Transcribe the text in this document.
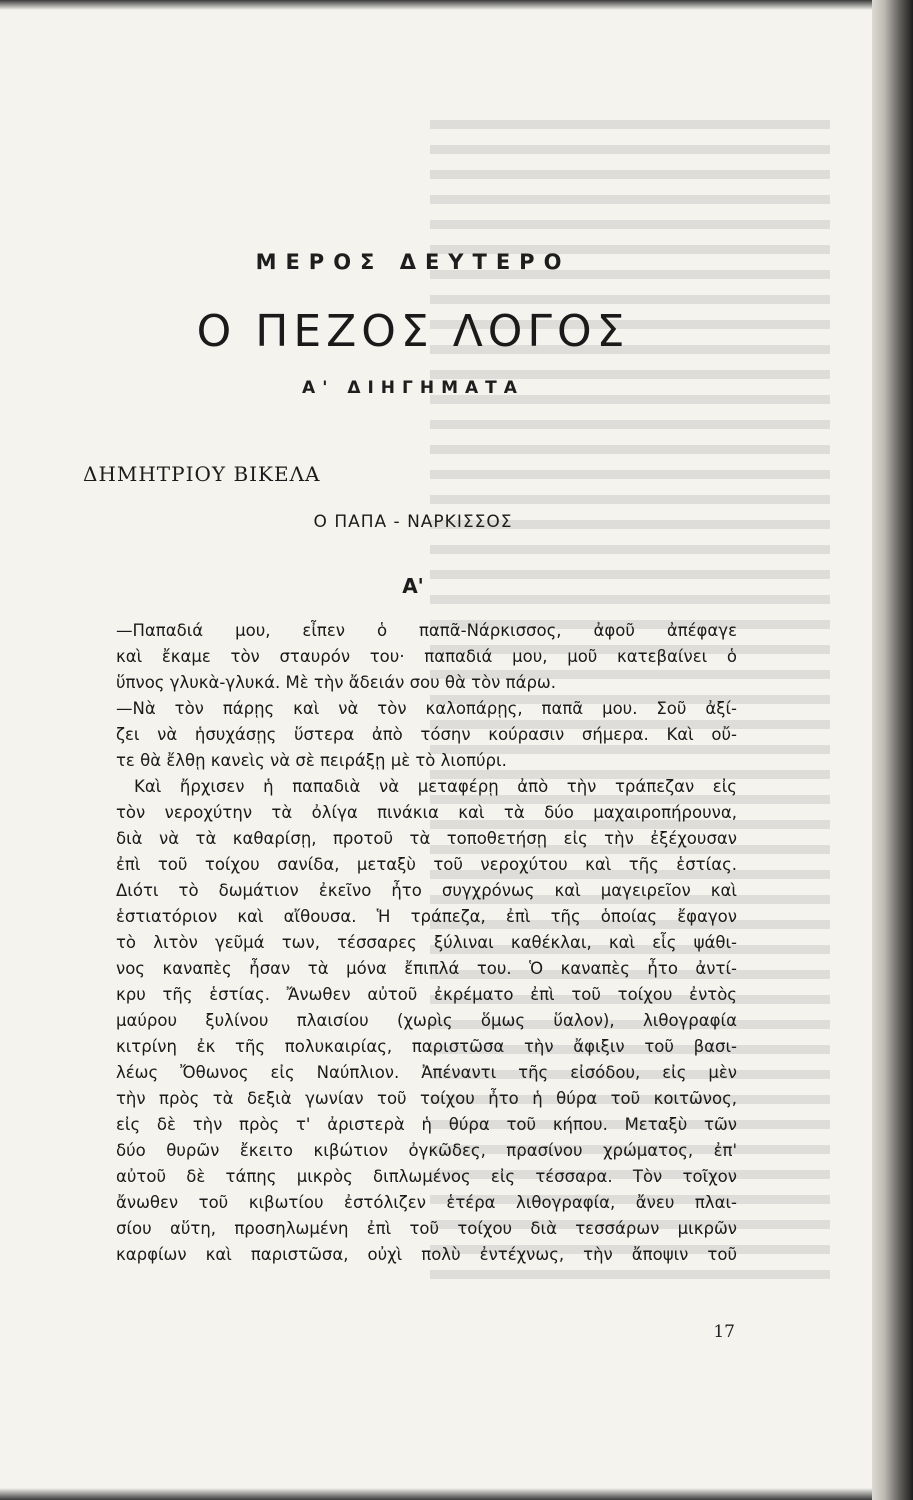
ΜΕΡΟΣ ΔΕΥΤΕΡΟ
Ο ΠΕΖΟΣ ΛΟΓΟΣ
Α' ΔΙΗΓΗΜΑΤΑ
ΔΗΜΗΤΡΙΟΥ ΒΙΚΕΛΑ
Ο ΠΑΠΑ - ΝΑΡΚΙΣΣΟΣ
Α'
—Παπαδιά μου, εἶπεν ὁ παπᾶ-Νάρκισσος, ἀφοῦ ἀπέφαγε
καὶ ἔκαμε τὸν σταυρόν του· παπαδιά μου, μοῦ κατεβαίνει ὁ
ὕπνος γλυκὰ-γλυκά. Μὲ τὴν ἄδειάν σου θὰ τὸν πάρω.
—Νὰ τὸν πάρῃς καὶ νὰ τὸν καλοπάρῃς, παπᾶ μου. Σοῦ ἀξί-
ζει νὰ ἡσυχάσῃς ὕστερα ἀπὸ τόσην κούρασιν σήμερα. Καὶ οὔ-
τε θὰ ἔλθῃ κανεὶς νὰ σὲ πειράξῃ μὲ τὸ λιοπύρι.
Καὶ ἤρχισεν ἡ παπαδιὰ νὰ μεταφέρῃ ἀπὸ τὴν τράπεζαν εἰς
τὸν νεροχύτην τὰ ὀλίγα πινάκια καὶ τὰ δύο μαχαιροπήρουνα,
διὰ νὰ τὰ καθαρίσῃ, προτοῦ τὰ τοποθετήσῃ εἰς τὴν ἐξέχουσαν
ἐπὶ τοῦ τοίχου σανίδα, μεταξὺ τοῦ νεροχύτου καὶ τῆς ἑστίας.
Διότι τὸ δωμάτιον ἐκεῖνο ἦτο συγχρόνως καὶ μαγειρεῖον καὶ
ἑστιατόριον καὶ αἴθουσα. Ἡ τράπεζα, ἐπὶ τῆς ὁποίας ἔφαγον
τὸ λιτὸν γεῦμά των, τέσσαρες ξύλιναι καθέκλαι, καὶ εἷς ψάθι-
νος καναπὲς ἦσαν τὰ μόνα ἔπιπλά του. Ὁ καναπὲς ἦτο ἀντί-
κρυ τῆς ἑστίας. Ἄνωθεν αὐτοῦ ἐκρέματο ἐπὶ τοῦ τοίχου ἐντὸς
μαύρου ξυλίνου πλαισίου (χωρὶς ὅμως ὕαλον), λιθογραφία
κιτρίνη ἐκ τῆς πολυκαιρίας, παριστῶσα τὴν ἄφιξιν τοῦ βασι-
λέως Ὄθωνος εἰς Ναύπλιον. Ἀπέναντι τῆς εἰσόδου, εἰς μὲν
τὴν πρὸς τὰ δεξιὰ γωνίαν τοῦ τοίχου ἦτο ἡ θύρα τοῦ κοιτῶνος,
εἰς δὲ τὴν πρὸς τ' ἀριστερὰ ἡ θύρα τοῦ κήπου. Μεταξὺ τῶν
δύο θυρῶν ἔκειτο κιβώτιον ὀγκῶδες, πρασίνου χρώματος, ἐπ'
αὐτοῦ δὲ τάπης μικρὸς διπλωμένος εἰς τέσσαρα. Τὸν τοῖχον
ἄνωθεν τοῦ κιβωτίου ἐστόλιζεν ἑτέρα λιθογραφία, ἄνευ πλαι-
σίου αὕτη, προσηλωμένη ἐπὶ τοῦ τοίχου διὰ τεσσάρων μικρῶν
καρφίων καὶ παριστῶσα, οὐχὶ πολὺ ἐντέχνως, τὴν ἄποψιν τοῦ
17
